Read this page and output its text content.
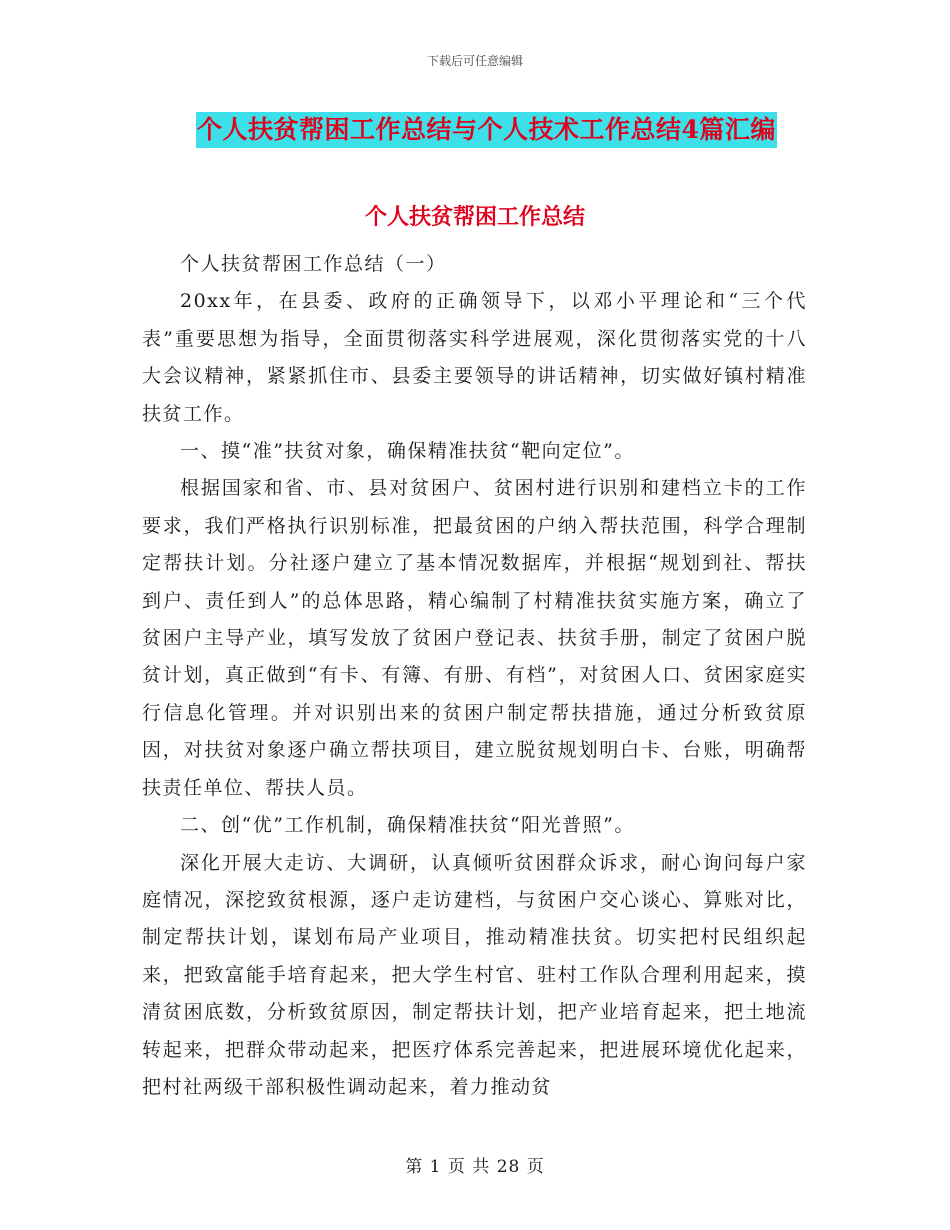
下载后可任意编辑
个人扶贫帮困工作总结与个人技术工作总结4篇汇编
个人扶贫帮困工作总结

个人扶贫帮困工作总结（一）

20xx年，在县委、政府的正确领导下，以邓小平理论和“三个代表”重要思想为指导，全面贯彻落实科学进展观，深化贯彻落实党的十八大会议精神，紧紧抓住市、县委主要领导的讲话精神，切实做好镇村精准扶贫工作。

一、摸“准”扶贫对象，确保精准扶贫“靶向定位”。

根据国家和省、市、县对贫困户、贫困村进行识别和建档立卡的工作要求，我们严格执行识别标准，把最贫困的户纳入帮扶范围，科学合理制定帮扶计划。分社逐户建立了基本情况数据库，并根据“规划到社、帮扶到户、责任到人”的总体思路，精心编制了村精准扶贫实施方案，确立了贫困户主导产业，填写发放了贫困户登记表、扶贫手册，制定了贫困户脱贫计划，真正做到“有卡、有簿、有册、有档”，对贫困人口、贫困家庭实行信息化管理。并对识别出来的贫困户制定帮扶措施，通过分析致贫原因，对扶贫对象逐户确立帮扶项目，建立脱贫规划明白卡、台账，明确帮扶责任单位、帮扶人员。

二、创“优”工作机制，确保精准扶贫“阳光普照”。

深化开展大走访、大调研，认真倾听贫困群众诉求，耐心询问每户家庭情况，深挖致贫根源，逐户走访建档，与贫困户交心谈心、算账对比，制定帮扶计划，谋划布局产业项目，推动精准扶贫。切实把村民组织起来，把致富能手培育起来，把大学生村官、驻村工作队合理利用起来，摸清贫困底数，分析致贫原因，制定帮扶计划，把产业培育起来，把土地流转起来，把群众带动起来，把医疗体系完善起来，把进展环境优化起来，把村社两级干部积极性调动起来，着力推动贫

第 1 页 共 28 页
